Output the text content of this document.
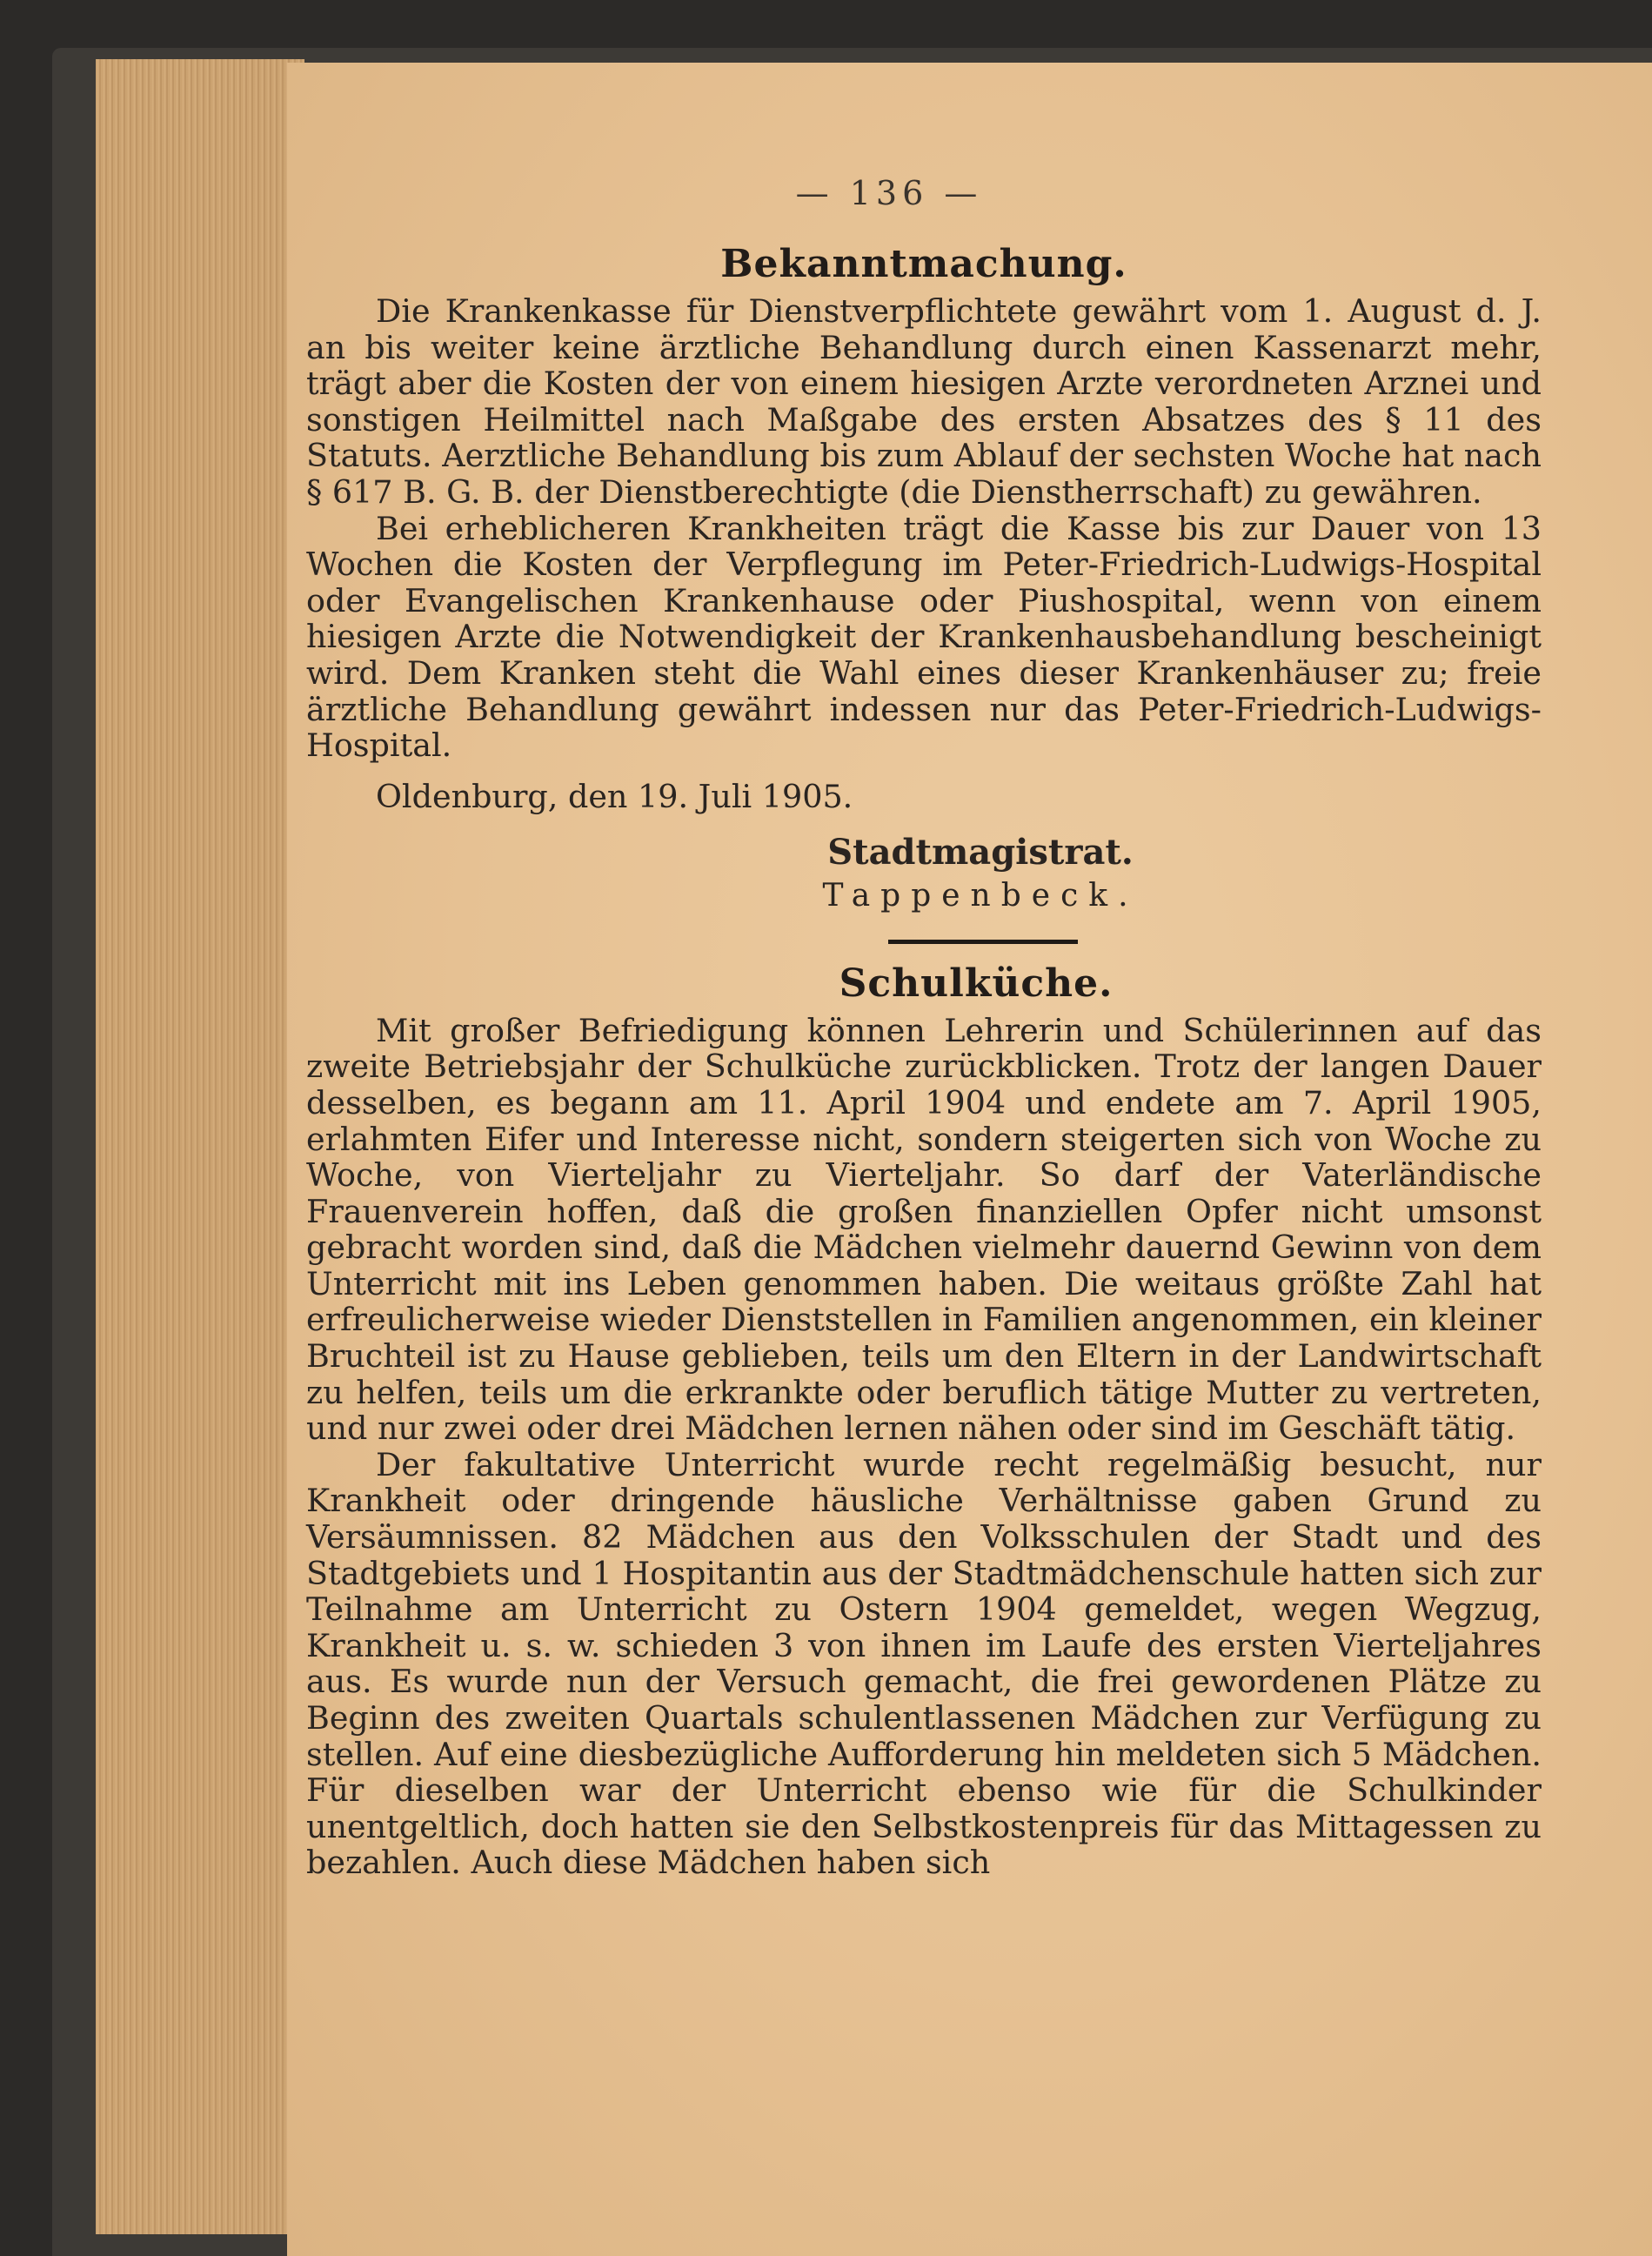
— 136 —
Bekanntmachung.

Die Krankenkasse für Dienstverpflichtete gewährt vom 1. August d. J. an bis weiter keine ärztliche Behandlung durch einen Kassenarzt mehr, trägt aber die Kosten der von einem hiesigen Arzte verordneten Arznei und sonstigen Heilmittel nach Maßgabe des ersten Absatzes des § 11 des Statuts. Aerztliche Behandlung bis zum Ablauf der sechsten Woche hat nach § 617 B. G. B. der Dienstberechtigte (die Dienstherrschaft) zu gewähren.

Bei erheblicheren Krankheiten trägt die Kasse bis zur Dauer von 13 Wochen die Kosten der Verpflegung im Peter-Friedrich-Ludwigs-Hospital oder Evangelischen Krankenhause oder Piushospital, wenn von einem hiesigen Arzte die Notwendigkeit der Krankenhausbehandlung bescheinigt wird. Dem Kranken steht die Wahl eines dieser Krankenhäuser zu; freie ärztliche Behandlung gewährt indessen nur das Peter-Friedrich-Ludwigs-Hospital.

Oldenburg, den 19. Juli 1905.
Stadtmagistrat.
Tappenbeck.
Schulküche.

Mit großer Befriedigung können Lehrerin und Schülerinnen auf das zweite Betriebsjahr der Schulküche zurückblicken. Trotz der langen Dauer desselben, es begann am 11. April 1904 und endete am 7. April 1905, erlahmten Eifer und Interesse nicht, sondern steigerten sich von Woche zu Woche, von Vierteljahr zu Vierteljahr. So darf der Vaterländische Frauenverein hoffen, daß die großen finanziellen Opfer nicht umsonst gebracht worden sind, daß die Mädchen vielmehr dauernd Gewinn von dem Unterricht mit ins Leben genommen haben. Die weitaus größte Zahl hat erfreulicherweise wieder Dienststellen in Familien angenommen, ein kleiner Bruchteil ist zu Hause geblieben, teils um den Eltern in der Landwirtschaft zu helfen, teils um die erkrankte oder beruflich tätige Mutter zu vertreten, und nur zwei oder drei Mädchen lernen nähen oder sind im Geschäft tätig.

Der fakultative Unterricht wurde recht regelmäßig besucht, nur Krankheit oder dringende häusliche Verhältnisse gaben Grund zu Versäumnissen. 82 Mädchen aus den Volksschulen der Stadt und des Stadtgebiets und 1 Hospitantin aus der Stadtmädchenschule hatten sich zur Teilnahme am Unterricht zu Ostern 1904 gemeldet, wegen Wegzug, Krankheit u. s. w. schieden 3 von ihnen im Laufe des ersten Vierteljahres aus. Es wurde nun der Versuch gemacht, die frei gewordenen Plätze zu Beginn des zweiten Quartals schulentlassenen Mädchen zur Verfügung zu stellen. Auf eine diesbezügliche Aufforderung hin meldeten sich 5 Mädchen. Für dieselben war der Unterricht ebenso wie für die Schulkinder unentgeltlich, doch hatten sie den Selbstkostenpreis für das Mittagessen zu bezahlen. Auch diese Mädchen haben sich
